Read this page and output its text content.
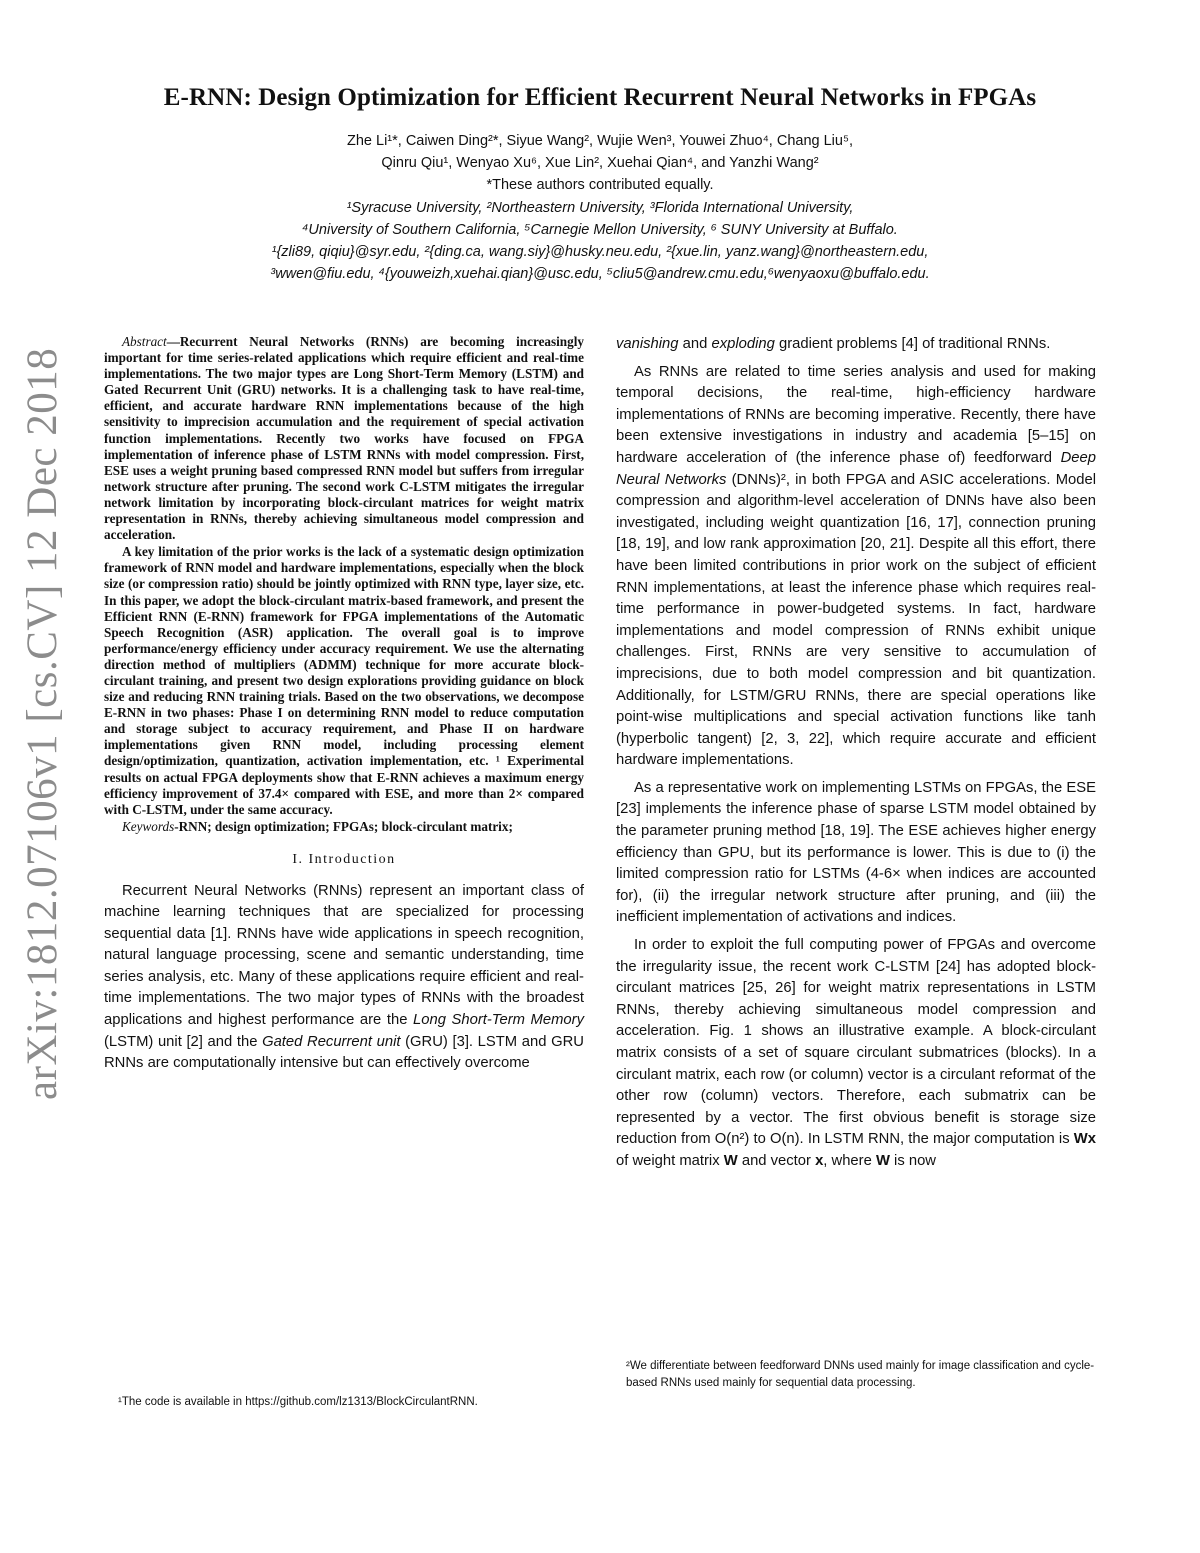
arXiv:1812.07106v1 [cs.CV] 12 Dec 2018
E-RNN: Design Optimization for Efficient Recurrent Neural Networks in FPGAs
Zhe Li¹*, Caiwen Ding²*, Siyue Wang², Wujie Wen³, Youwei Zhuo⁴, Chang Liu⁵,
Qinru Qiu¹, Wenyao Xu⁶, Xue Lin², Xuehai Qian⁴, and Yanzhi Wang²
*These authors contributed equally.
¹Syracuse University, ²Northeastern University, ³Florida International University,
⁴University of Southern California, ⁵Carnegie Mellon University, ⁶ SUNY University at Buffalo.
¹{zli89, qiqiu}@syr.edu, ²{ding.ca, wang.siy}@husky.neu.edu, ²{xue.lin, yanz.wang}@northeastern.edu,
³wwen@fiu.edu, ⁴{youweizh,xuehai.qian}@usc.edu, ⁵cliu5@andrew.cmu.edu,⁶wenyaoxu@buffalo.edu.

Abstract—Recurrent Neural Networks (RNNs) are becoming increasingly important for time series-related applications which require efficient and real-time implementations. The two major types are Long Short-Term Memory (LSTM) and Gated Recurrent Unit (GRU) networks. It is a challenging task to have real-time, efficient, and accurate hardware RNN implementations because of the high sensitivity to imprecision accumulation and the requirement of special activation function implementations. Recently two works have focused on FPGA implementation of inference phase of LSTM RNNs with model compression. First, ESE uses a weight pruning based compressed RNN model but suffers from irregular network structure after pruning. The second work C-LSTM mitigates the irregular network limitation by incorporating block-circulant matrices for weight matrix representation in RNNs, thereby achieving simultaneous model compression and acceleration.

A key limitation of the prior works is the lack of a systematic design optimization framework of RNN model and hardware implementations, especially when the block size (or compression ratio) should be jointly optimized with RNN type, layer size, etc. In this paper, we adopt the block-circulant matrix-based framework, and present the Efficient RNN (E-RNN) framework for FPGA implementations of the Automatic Speech Recognition (ASR) application. The overall goal is to improve performance/energy efficiency under accuracy requirement. We use the alternating direction method of multipliers (ADMM) technique for more accurate block-circulant training, and present two design explorations providing guidance on block size and reducing RNN training trials. Based on the two observations, we decompose E-RNN in two phases: Phase I on determining RNN model to reduce computation and storage subject to accuracy requirement, and Phase II on hardware implementations given RNN model, including processing element design/optimization, quantization, activation implementation, etc. ¹ Experimental results on actual FPGA deployments show that E-RNN achieves a maximum energy efficiency improvement of 37.4× compared with ESE, and more than 2× compared with C-LSTM, under the same accuracy.

Keywords-RNN; design optimization; FPGAs; block-circulant matrix;

I. Introduction

Recurrent Neural Networks (RNNs) represent an important class of machine learning techniques that are specialized for processing sequential data [1]. RNNs have wide applications in speech recognition, natural language processing, scene and semantic understanding, time series analysis, etc. Many of these applications require efficient and real-time implementations. The two major types of RNNs with the broadest applications and highest performance are the Long Short-Term Memory (LSTM) unit [2] and the Gated Recurrent unit (GRU) [3]. LSTM and GRU RNNs are computationally intensive but can effectively overcome

vanishing and exploding gradient problems [4] of traditional RNNs.

As RNNs are related to time series analysis and used for making temporal decisions, the real-time, high-efficiency hardware implementations of RNNs are becoming imperative. Recently, there have been extensive investigations in industry and academia [5–15] on hardware acceleration of (the inference phase of) feedforward Deep Neural Networks (DNNs)², in both FPGA and ASIC accelerations. Model compression and algorithm-level acceleration of DNNs have also been investigated, including weight quantization [16, 17], connection pruning [18, 19], and low rank approximation [20, 21]. Despite all this effort, there have been limited contributions in prior work on the subject of efficient RNN implementations, at least the inference phase which requires real-time performance in power-budgeted systems. In fact, hardware implementations and model compression of RNNs exhibit unique challenges. First, RNNs are very sensitive to accumulation of imprecisions, due to both model compression and bit quantization. Additionally, for LSTM/GRU RNNs, there are special operations like point-wise multiplications and special activation functions like tanh (hyperbolic tangent) [2, 3, 22], which require accurate and efficient hardware implementations.

As a representative work on implementing LSTMs on FPGAs, the ESE [23] implements the inference phase of sparse LSTM model obtained by the parameter pruning method [18, 19]. The ESE achieves higher energy efficiency than GPU, but its performance is lower. This is due to (i) the limited compression ratio for LSTMs (4-6× when indices are accounted for), (ii) the irregular network structure after pruning, and (iii) the inefficient implementation of activations and indices.

In order to exploit the full computing power of FPGAs and overcome the irregularity issue, the recent work C-LSTM [24] has adopted block-circulant matrices [25, 26] for weight matrix representations in LSTM RNNs, thereby achieving simultaneous model compression and acceleration. Fig. 1 shows an illustrative example. A block-circulant matrix consists of a set of square circulant submatrices (blocks). In a circulant matrix, each row (or column) vector is a circulant reformat of the other row (column) vectors. Therefore, each submatrix can be represented by a vector. The first obvious benefit is storage size reduction from O(n²) to O(n). In LSTM RNN, the major computation is Wx of weight matrix W and vector x, where W is now

¹The code is available in https://github.com/lz1313/BlockCirculantRNN.
²We differentiate between feedforward DNNs used mainly for image classification and cycle-based RNNs used mainly for sequential data processing.
